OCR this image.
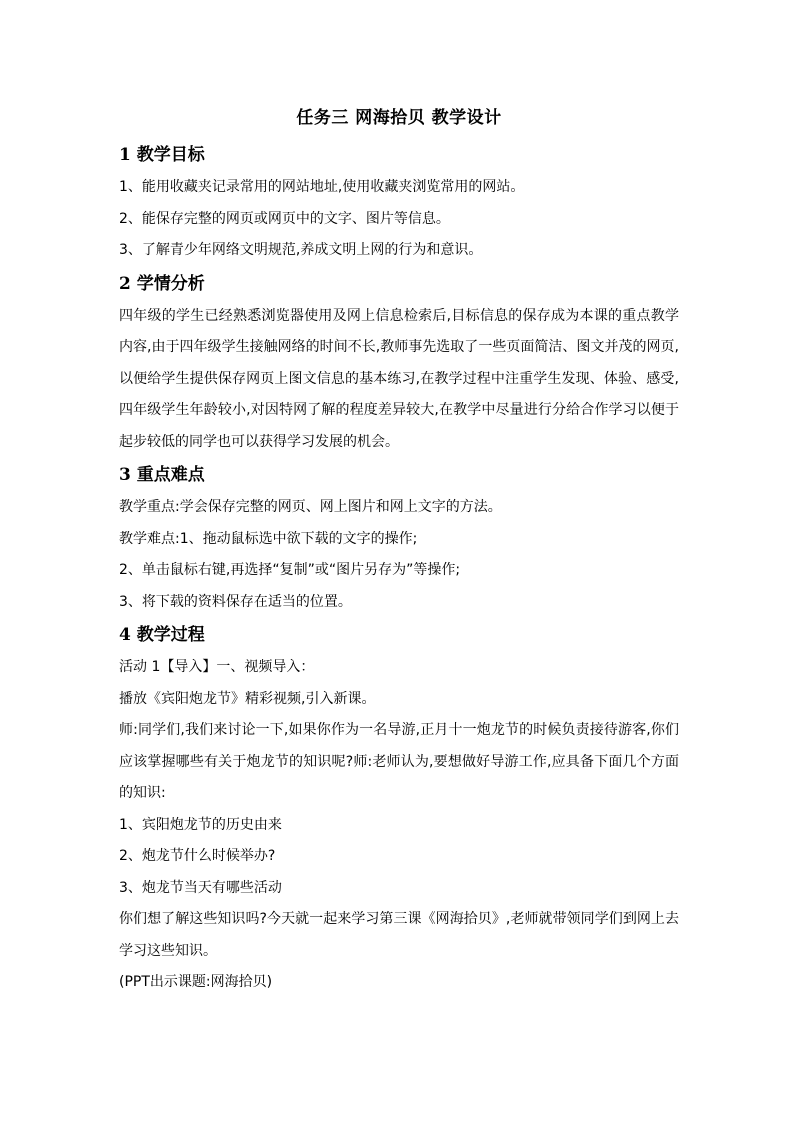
任务三 网海拾贝 教学设计
1 教学目标

1、能用收藏夹记录常用的网站地址,使用收藏夹浏览常用的网站。

2、能保存完整的网页或网页中的文字、图片等信息。

3、了解青少年网络文明规范,养成文明上网的行为和意识。

2 学情分析

四年级的学生已经熟悉浏览器使用及网上信息检索后,目标信息的保存成为本课的重点教学内容,由于四年级学生接触网络的时间不长,教师事先选取了一些页面简洁、图文并茂的网页,以便给学生提供保存网页上图文信息的基本练习,在教学过程中注重学生发现、体验、感受,四年级学生年龄较小,对因特网了解的程度差异较大,在教学中尽量进行分给合作学习以便于起步较低的同学也可以获得学习发展的机会。

3 重点难点

教学重点:学会保存完整的网页、网上图片和网上文字的方法。

教学难点:1、拖动鼠标选中欲下载的文字的操作;

2、单击鼠标右键,再选择“复制”或“图片另存为”等操作;

3、将下载的资料保存在适当的位置。

4 教学过程

活动 1【导入】一、视频导入：

播放《宾阳炮龙节》精彩视频,引入新课。

师:同学们,我们来讨论一下,如果你作为一名导游,正月十一炮龙节的时候负责接待游客,你们应该掌握哪些有关于炮龙节的知识呢?师:老师认为,要想做好导游工作,应具备下面几个方面的知识:

1、宾阳炮龙节的历史由来

2、炮龙节什么时候举办?

3、炮龙节当天有哪些活动

你们想了解这些知识吗?今天就一起来学习第三课《网海拾贝》,老师就带领同学们到网上去学习这些知识。

(PPT出示课题:网海拾贝)
